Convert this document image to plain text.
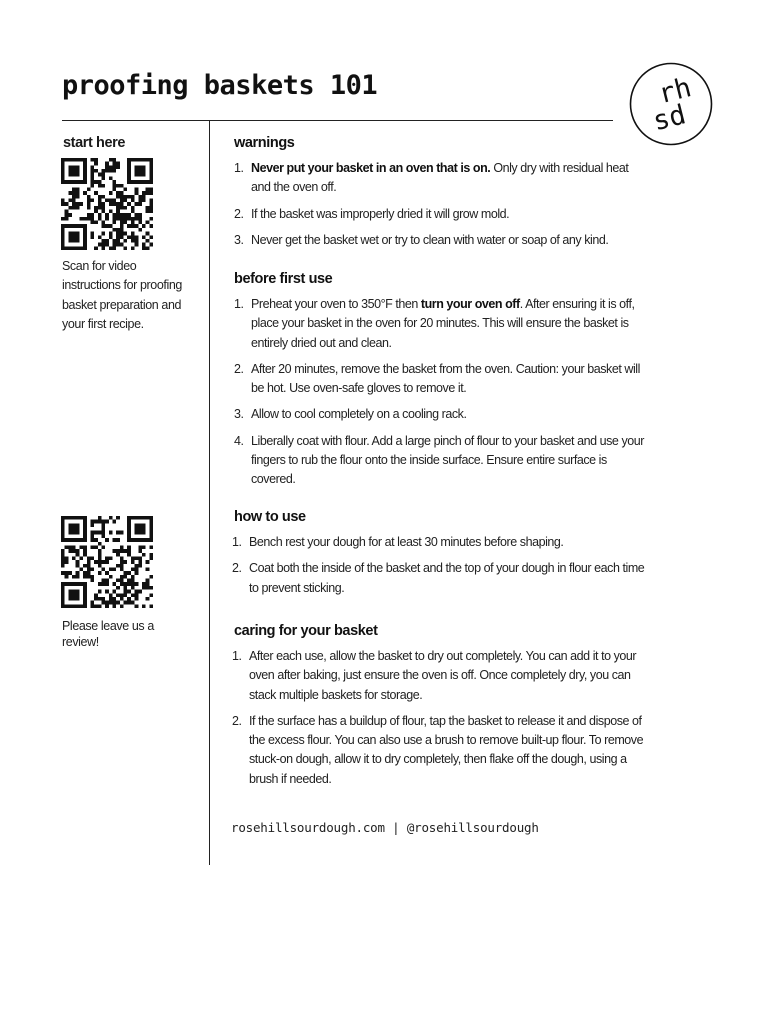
proofing baskets 101	rh
sd
start here

Scan for video instructions for proofing basket preparation and your first recipe.

Please leave us a review!

warnings
1. Never put your basket in an oven that is on. Only dry with residual heat and the oven off.
2. If the basket was improperly dried it will grow mold.
3. Never get the basket wet or try to clean with water or soap of any kind.
before first use
1. Preheat your oven to 350°F then turn your oven off. After ensuring it is off, place your basket in the oven for 20 minutes. This will ensure the basket is entirely dried out and clean.
2. After 20 minutes, remove the basket from the oven. Caution: your basket will be hot. Use oven-safe gloves to remove it.
3. Allow to cool completely on a cooling rack.
4. Liberally coat with flour. Add a large pinch of flour to your basket and use your fingers to rub the flour onto the inside surface. Ensure entire surface is covered.
how to use
1. Bench rest your dough for at least 30 minutes before shaping.
2. Coat both the inside of the basket and the top of your dough in flour each time to prevent sticking.
caring for your basket
1. After each use, allow the basket to dry out completely. You can add it to your oven after baking, just ensure the oven is off. Once completely dry, you can stack multiple baskets for storage.
2. If the surface has a buildup of flour, tap the basket to release it and dispose of the excess flour. You can also use a brush to remove built-up flour. To remove stuck-on dough, allow it to dry completely, then flake off the dough, using a brush if needed.

rosehillsourdough.com | @rosehillsourdough
